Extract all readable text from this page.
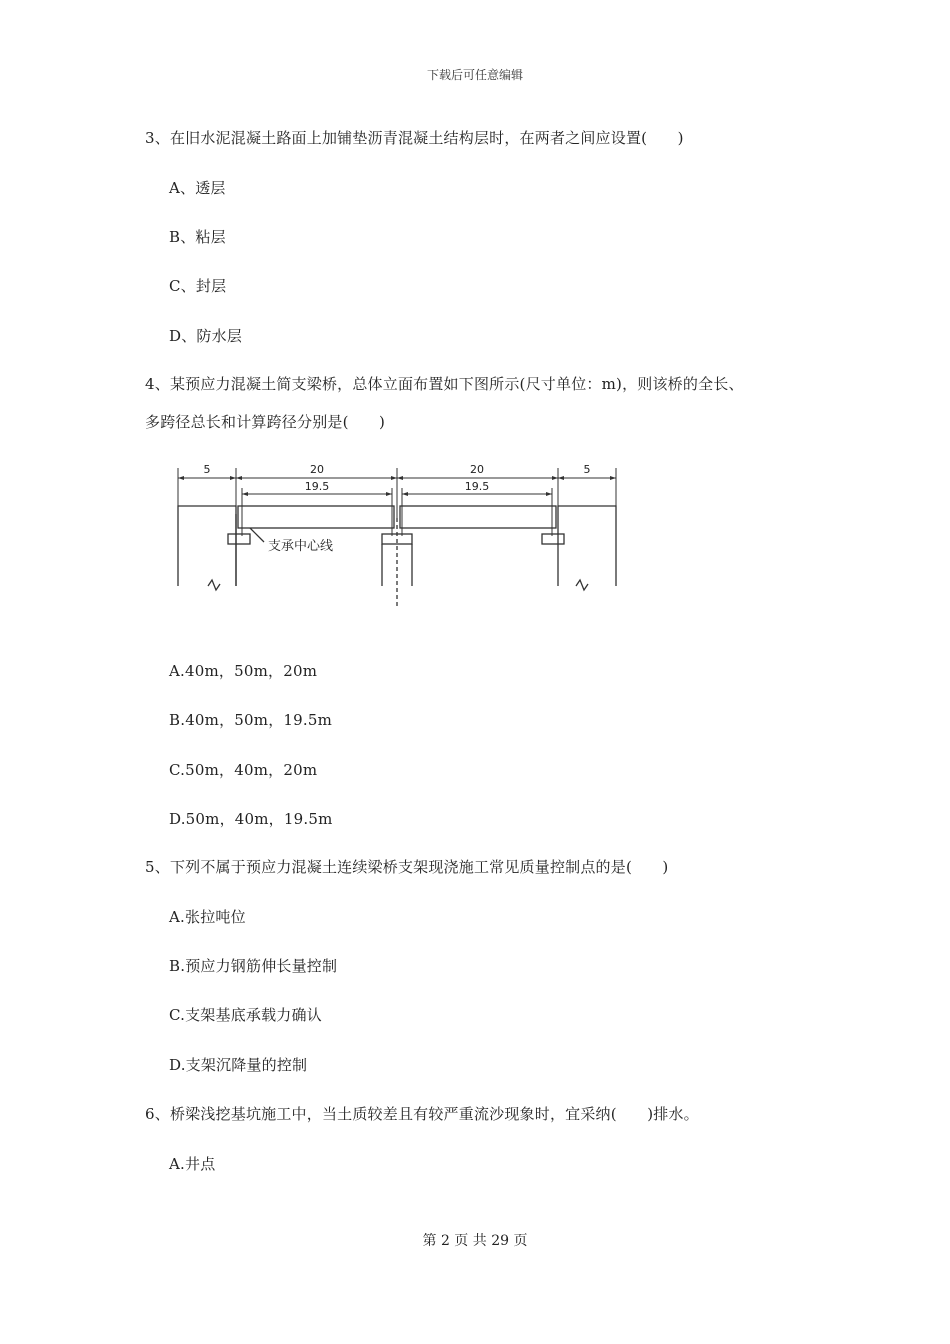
下载后可任意编辑
3、在旧水泥混凝土路面上加铺垫沥青混凝土结构层时，在两者之间应设置(　　)
A、透层
B、粘层
C、封层
D、防水层
4、某预应力混凝土简支梁桥，总体立面布置如下图所示(尺寸单位：m)，则该桥的全长、
多跨径总长和计算跨径分别是(　　)
5	20
19.5
20
19.5
5
支承中心线
A.40m，50m，20m
B.40m，50m，19.5m
C.50m，40m，20m
D.50m，40m，19.5m
5、下列不属于预应力混凝土连续梁桥支架现浇施工常见质量控制点的是(　　)
A.张拉吨位
B.预应力钢筋伸长量控制
C.支架基底承载力确认
D.支架沉降量的控制
6、桥梁浅挖基坑施工中，当土质较差且有较严重流沙现象时，宜采纳(　　)排水。
A.井点
第 2 页 共 29 页
